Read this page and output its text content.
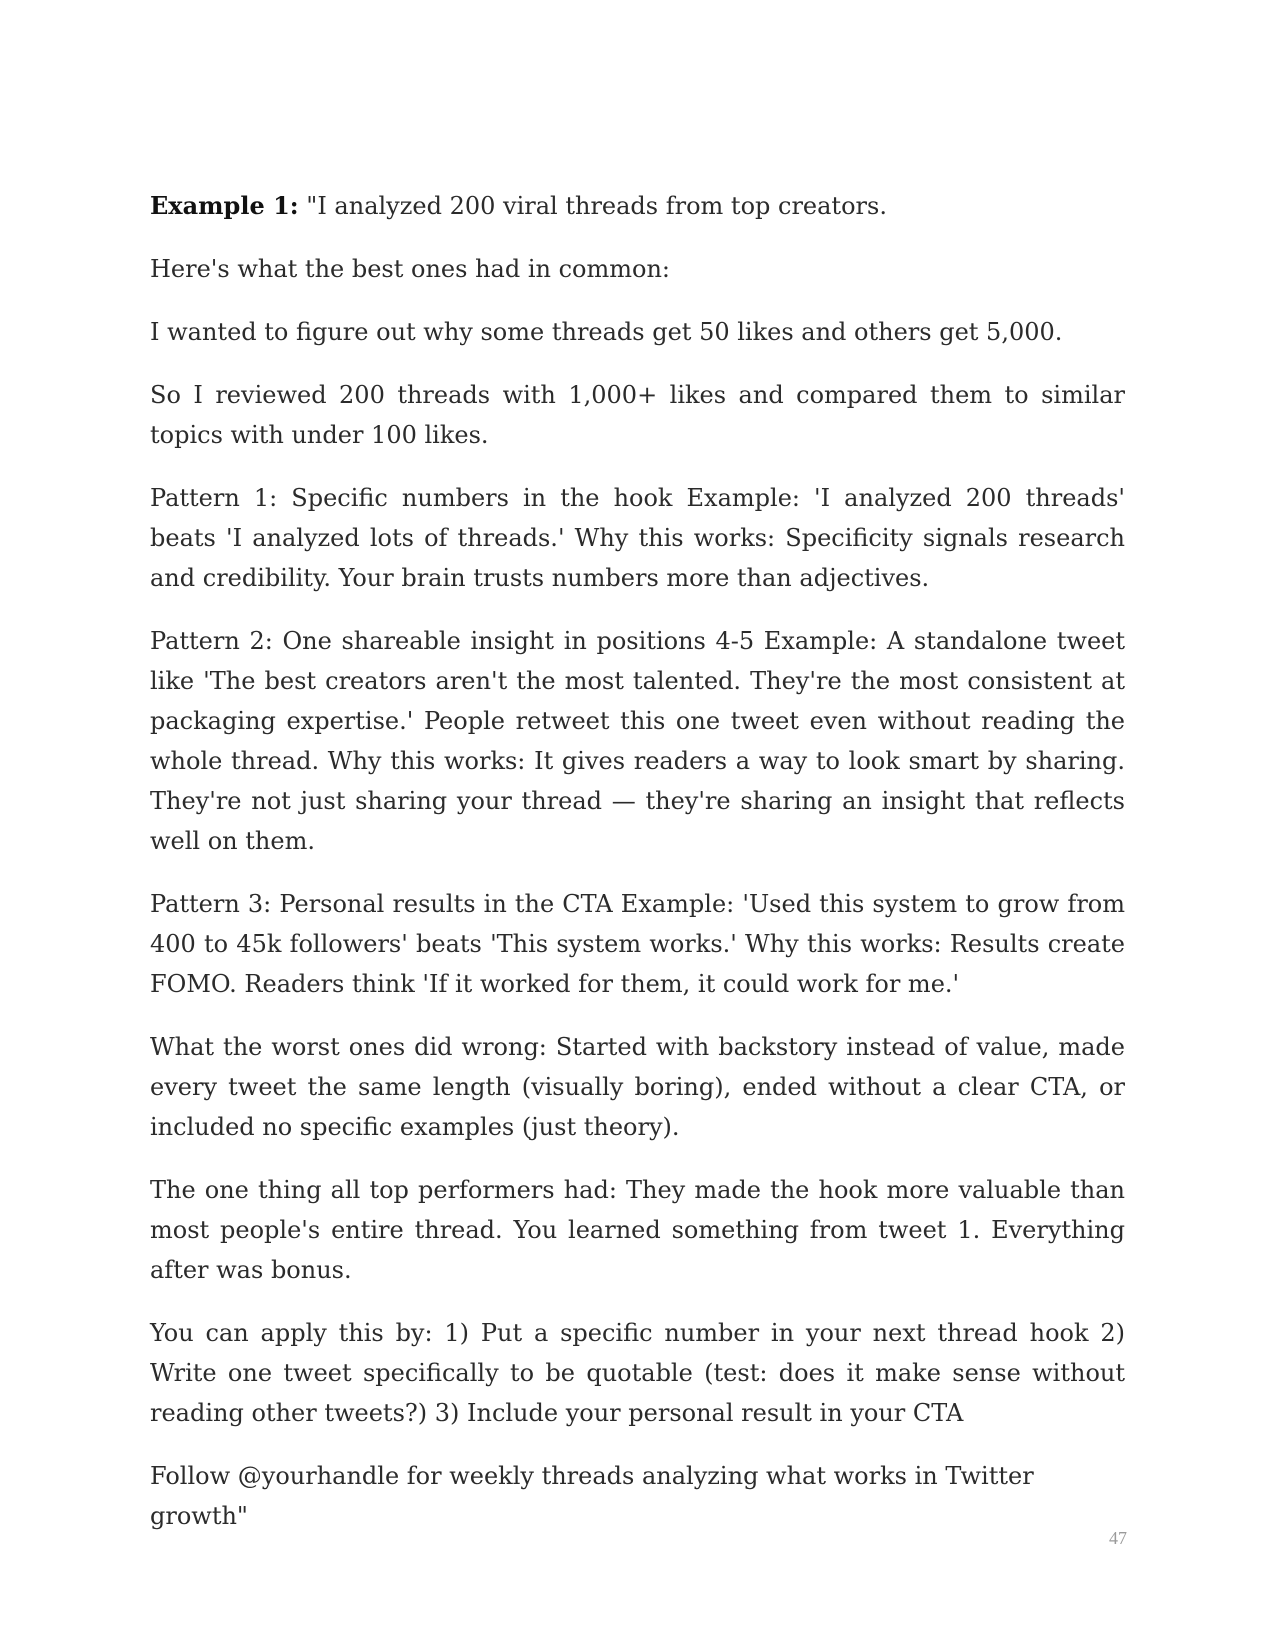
Example 1: "I analyzed 200 viral threads from top creators.

Here's what the best ones had in common:

I wanted to figure out why some threads get 50 likes and others get 5,000.

So I reviewed 200 threads with 1,000+ likes and compared them to similar topics with under 100 likes.

Pattern 1: Specific numbers in the hook Example: 'I analyzed 200 threads' beats 'I analyzed lots of threads.' Why this works: Specificity signals research and credibility. Your brain trusts numbers more than adjectives.

Pattern 2: One shareable insight in positions 4-5 Example: A standalone tweet like 'The best creators aren't the most talented. They're the most consistent at packaging expertise.' People retweet this one tweet even without reading the whole thread. Why this works: It gives readers a way to look smart by sharing. They're not just sharing your thread — they're sharing an insight that reflects well on them.

Pattern 3: Personal results in the CTA Example: 'Used this system to grow from 400 to 45k followers' beats 'This system works.' Why this works: Results create FOMO. Readers think 'If it worked for them, it could work for me.'

What the worst ones did wrong: Started with backstory instead of value, made every tweet the same length (visually boring), ended without a clear CTA, or included no specific examples (just theory).

The one thing all top performers had: They made the hook more valuable than most people's entire thread. You learned something from tweet 1. Everything after was bonus.

You can apply this by: 1) Put a specific number in your next thread hook 2) Write one tweet specifically to be quotable (test: does it make sense without reading other tweets?) 3) Include your personal result in your CTA

Follow @yourhandle for weekly threads analyzing what works in Twitter growth"

47
